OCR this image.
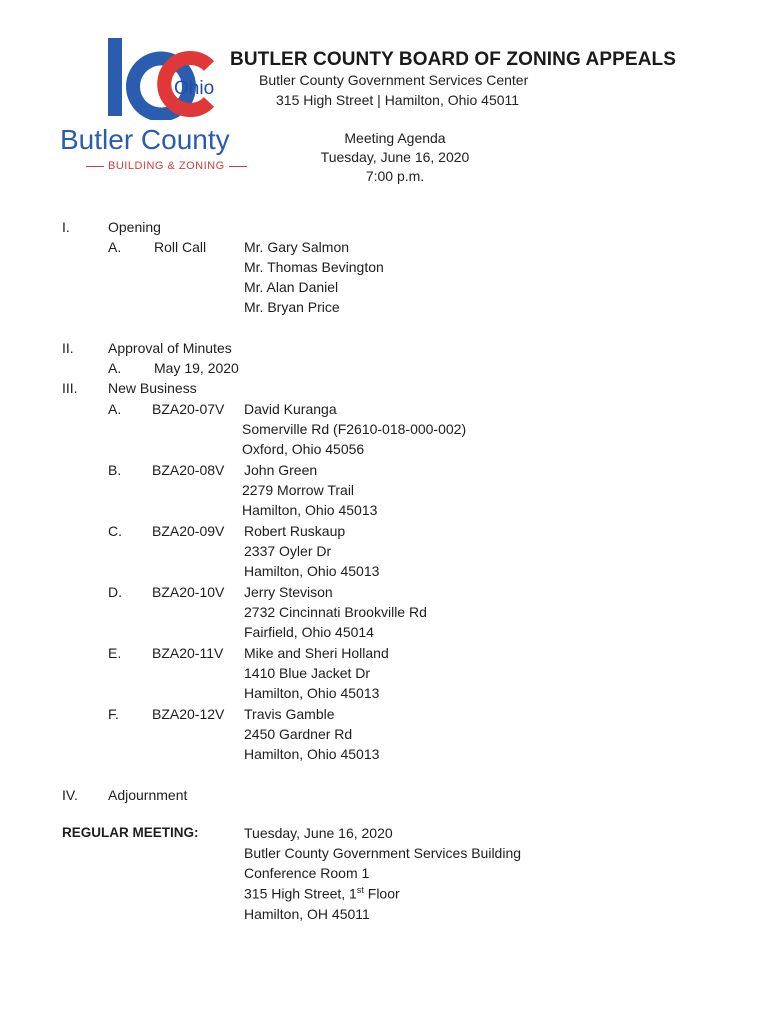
Ohio
Butler County
BUILDING & ZONING
BUTLER COUNTY BOARD OF ZONING APPEALS
Butler County Government Services Center
315 High Street | Hamilton, Ohio 45011
Meeting Agenda
Tuesday, June 16, 2020
7:00 p.m.
I.	Opening
A. Roll Call	Mr. Gary Salmon
Mr. Thomas Bevington
Mr. Alan Daniel
Mr. Bryan Price
II. Approval of Minutes
A. May 19, 2020
III. New Business
A. BZA20-07V David Kuranga
Somerville Rd (F2610-018-000-002)
Oxford, Ohio 45056
B. BZA20-08V John Green
2279 Morrow Trail
Hamilton, Ohio 45013
C. BZA20-09V Robert Ruskaup
2337 Oyler Dr
Hamilton, Ohio 45013
D. BZA20-10V Jerry Stevison
2732 Cincinnati Brookville Rd
Fairfield, Ohio 45014
E. BZA20-11V Mike and Sheri Holland
1410 Blue Jacket Dr
Hamilton, Ohio 45013
F. BZA20-12V Travis Gamble
2450 Gardner Rd
Hamilton, Ohio 45013
IV. Adjournment
REGULAR MEETING:	Tuesday, June 16, 2020
Butler County Government Services Building
Conference Room 1
315 High Street, 1st Floor
Hamilton, OH 45011
